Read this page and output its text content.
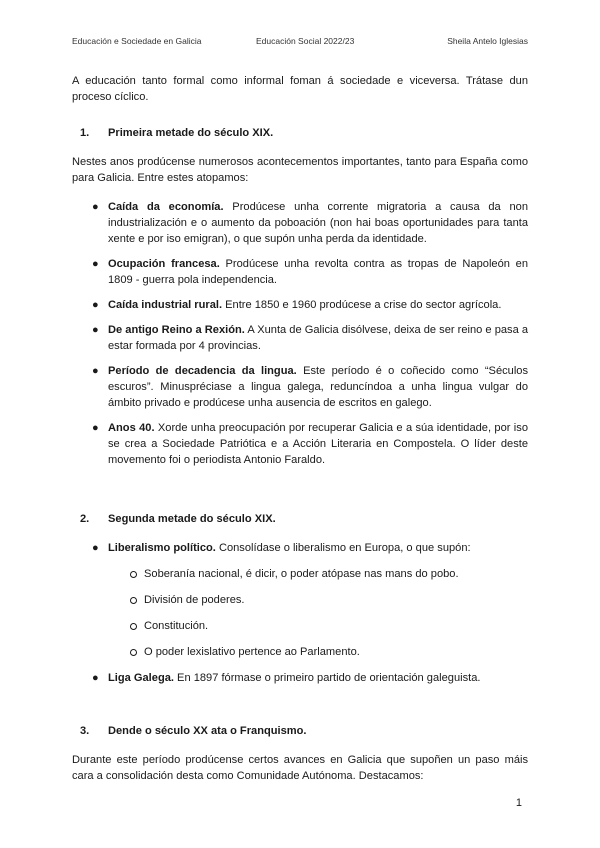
Educación e Sociedade en Galicia	Educación Social 2022/23	Sheila Antelo Iglesias

A educación tanto formal como informal foman á sociedade e viceversa. Trátase dun proceso cíclico.

1. Primeira metade do século XIX.

Nestes anos prodúcense numerosos acontecementos importantes, tanto para España como para Galicia. Entre estes atopamos:

● Caída da economía. Prodúcese unha corrente migratoria a causa da non industrialización e o aumento da poboación (non hai boas oportunidades para tanta xente e por iso emigran), o que supón unha perda da identidade.
● Ocupación francesa. Prodúcese unha revolta contra as tropas de Napoleón en 1809 - guerra pola independencia.
● Caída industrial rural. Entre 1850 e 1960 prodúcese a crise do sector agrícola.
● De antigo Reino a Rexión. A Xunta de Galicia disólvese, deixa de ser reino e pasa a estar formada por 4 provincias.
● Período de decadencia da lingua. Este período é o coñecido como “Séculos escuros”. Minuspréciase a lingua galega, reduncíndoa a unha lingua vulgar do ámbito privado e prodúcese unha ausencia de escritos en galego.
● Anos 40. Xorde unha preocupación por recuperar Galicia e a súa identidade, por iso se crea a Sociedade Patriótica e a Acción Literaria en Compostela. O líder deste movemento foi o periodista Antonio Faraldo.
2. Segunda metade do século XIX.
● Liberalismo político. Consolídase o liberalismo en Europa, o que supón:
Soberanía nacional, é dicir, o poder atópase nas mans do pobo.
División de poderes.
Constitución.
O poder lexislativo pertence ao Parlamento.
● Liga Galega. En 1897 fórmase o primeiro partido de orientación galeguista.
3. Dende o século XX ata o Franquismo.

Durante este período prodúcense certos avances en Galicia que supoñen un paso máis cara a consolidación desta como Comunidade Autónoma. Destacamos:

1
